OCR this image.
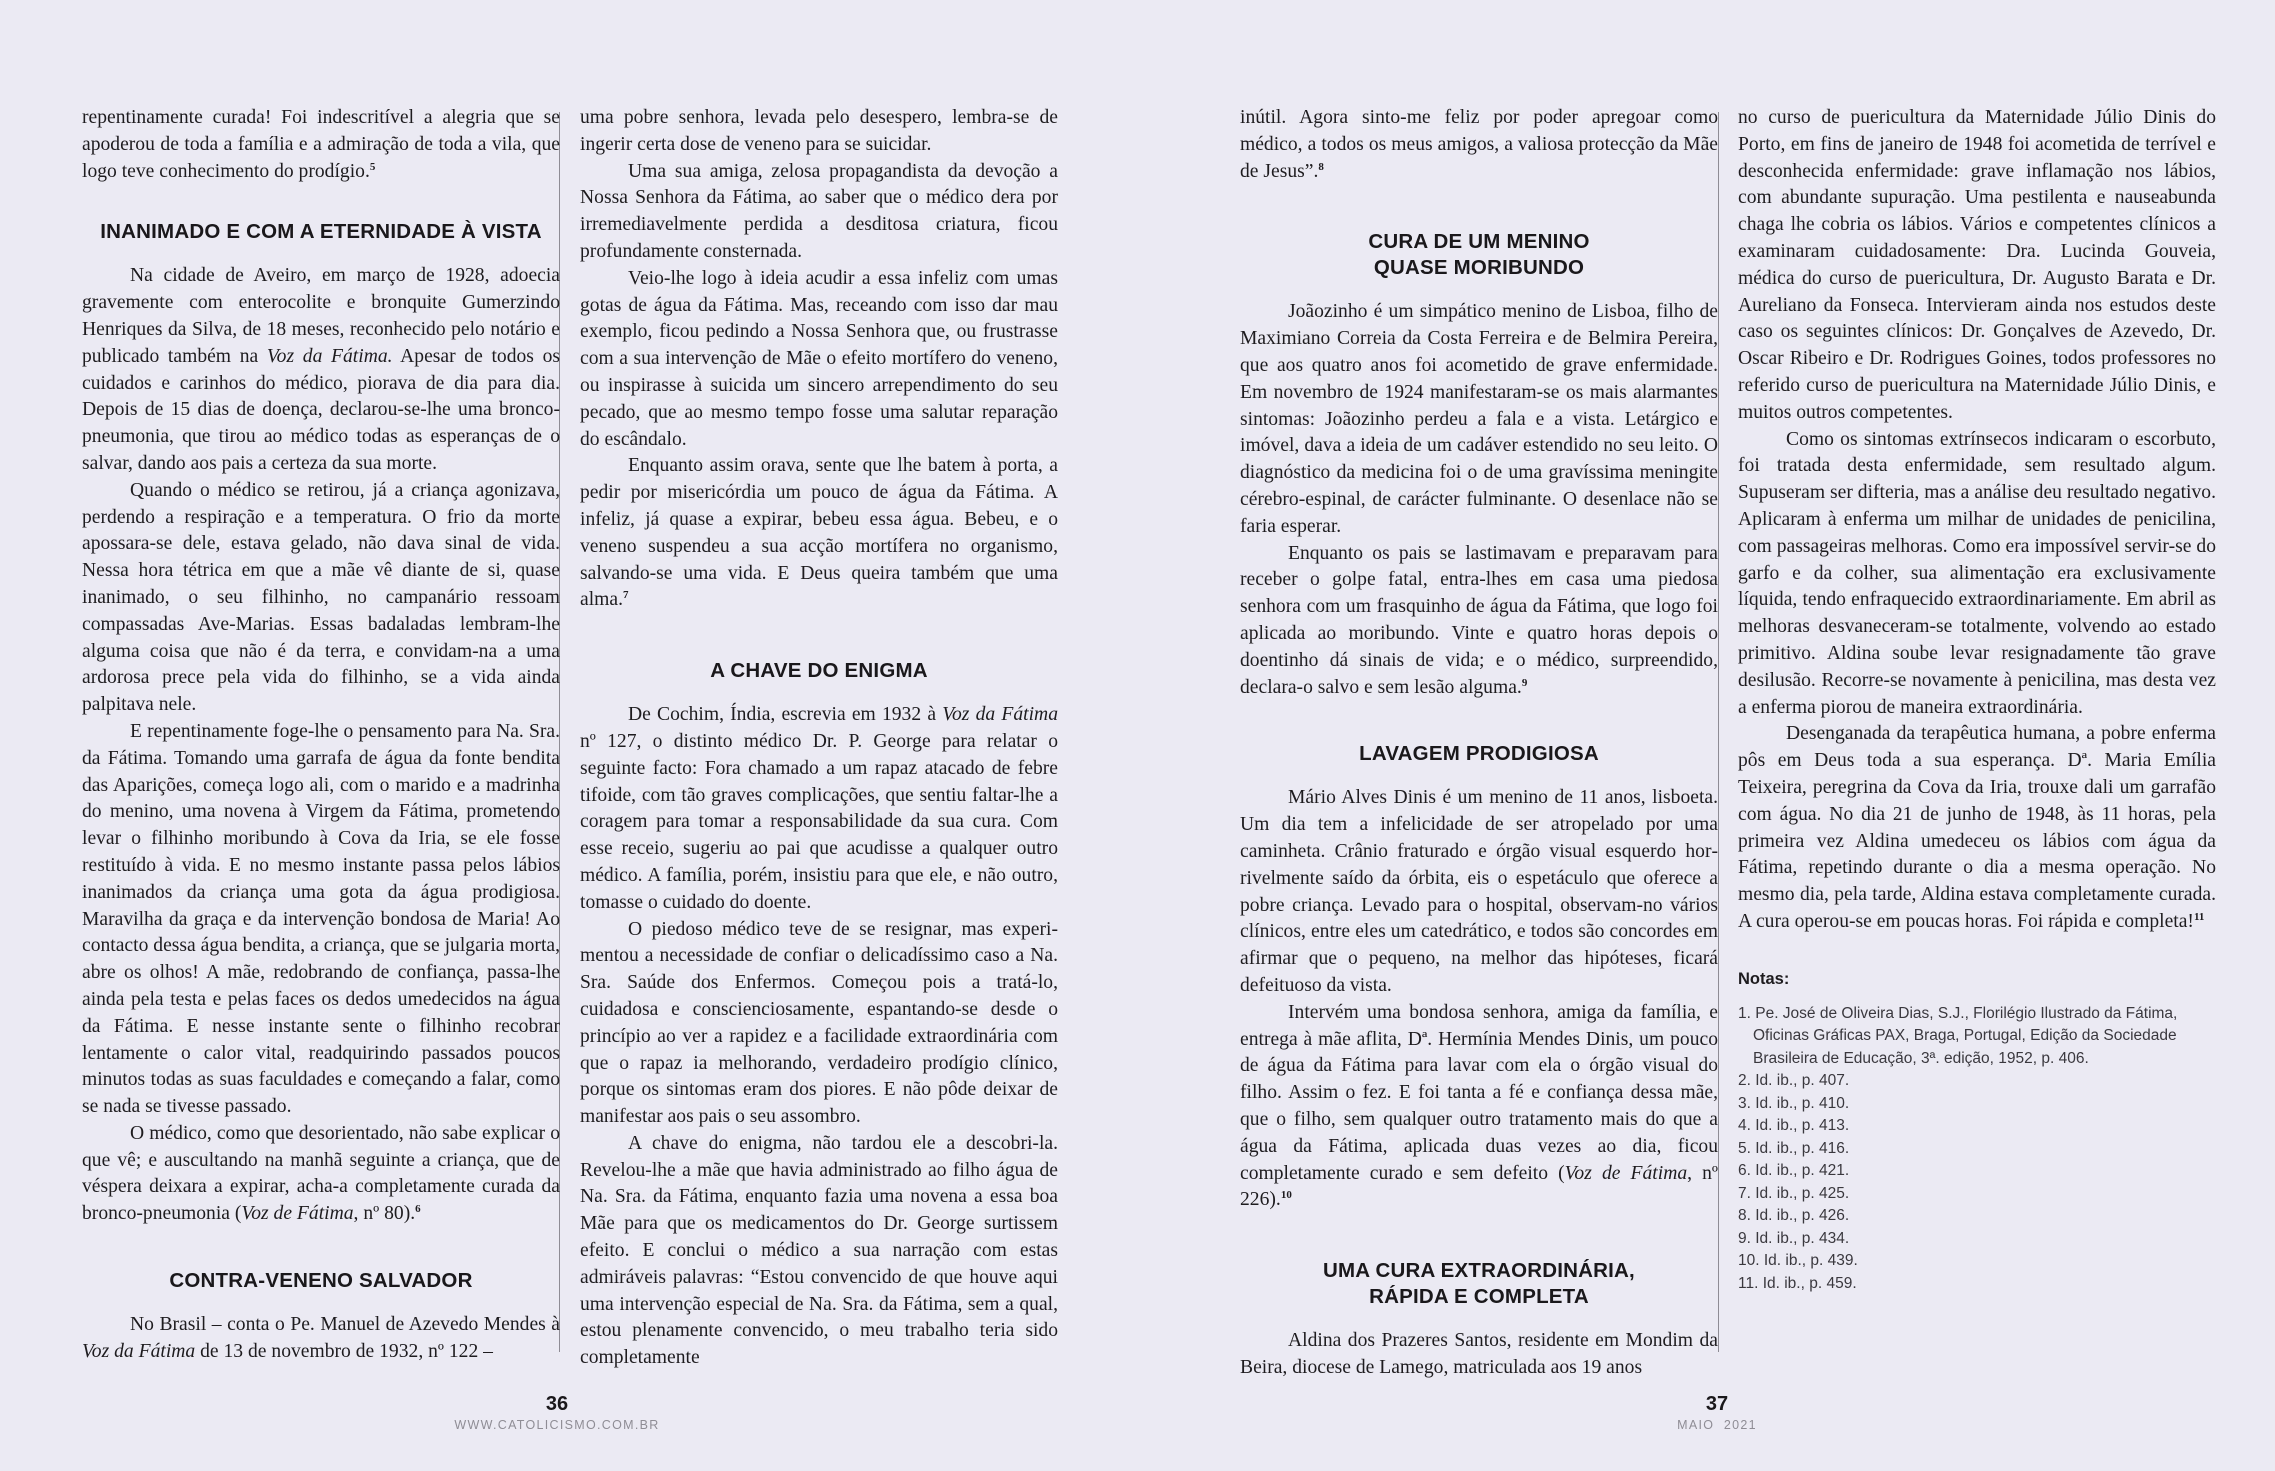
repentinamente curada! Foi indescritível a alegria que se apoderou de toda a família e a admiração de toda a vila, que logo teve conhecimento do prodígio.$^5$

INANIMADO E COM A ETERNIDADE À VISTA

Na cidade de Aveiro, em março de 1928, adoecia gravemente com enterocolite e bronquite Gumerzindo Henriques da Silva, de 18 meses, reconhecido pelo notário e publicado também na Voz da Fátima. Apesar de todos os cuidados e carinhos do médico, piorava de dia para dia. Depois de 15 dias de doença, declarou-se-lhe uma bronco-pneumonia, que tirou ao médico todas as esperanças de o salvar, dando aos pais a certeza da sua morte.

Quando o médico se retirou, já a criança agonizava, perdendo a respiração e a temperatura. O frio da morte apossara-se dele, estava gelado, não dava sinal de vida. Nessa hora tétrica em que a mãe vê diante de si, quase inanimado, o seu filhinho, no campanário ressoam compassadas Ave-Marias. Essas badaladas lembram-lhe alguma coisa que não é da terra, e convidam-na a uma ardorosa prece pela vida do filhinho, se a vida ainda palpitava nele.

E repentinamente foge-lhe o pensamento para Na. Sra. da Fátima. Tomando uma garrafa de água da fonte bendita das Aparições, começa logo ali, com o marido e a madrinha do menino, uma novena à Virgem da Fátima, prometendo levar o filhinho moribundo à Cova da Iria, se ele fosse restituído à vida. E no mesmo instante passa pelos lábios inanimados da criança uma gota da água prodigiosa. Maravilha da graça e da intervenção bondosa de Maria! Ao contacto dessa água bendita, a criança, que se julgaria morta, abre os olhos! A mãe, redobrando de confiança, passa-lhe ainda pela testa e pelas faces os dedos umedecidos na água da Fátima. E nesse instante sente o filhinho recobrar lentamente o calor vital, readquirindo passados poucos minutos todas as suas faculdades e começando a falar, como se nada se tivesse passado.

O médico, como que desorientado, não sabe explicar o que vê; e auscultando na manhã seguinte a criança, que de véspera deixara a expirar, acha-a completamente curada da bronco-pneumonia (Voz de Fátima, nº 80).$^6$

CONTRA-VENENO SALVADOR

No Brasil – conta o Pe. Manuel de Azevedo Mendes à Voz da Fátima de 13 de novembro de 1932, nº 122 –

uma pobre senhora, levada pelo desespero, lembra-se de ingerir certa dose de veneno para se suicidar.

Uma sua amiga, zelosa propagandista da devoção a Nossa Senhora da Fátima, ao saber que o médico dera por irremediavelmente perdida a desditosa criatura, ficou profundamente consternada.

Veio-lhe logo à ideia acudir a essa infeliz com umas gotas de água da Fátima. Mas, receando com isso dar mau exemplo, ficou pedindo a Nossa Senhora que, ou frustrasse com a sua intervenção de Mãe o efeito mortífero do veneno, ou inspirasse à suicida um sincero arrependimento do seu pecado, que ao mesmo tempo fosse uma salutar reparação do escândalo.

Enquanto assim orava, sente que lhe batem à porta, a pedir por misericórdia um pouco de água da Fátima. A infeliz, já quase a expirar, bebeu essa água. Bebeu, e o veneno suspendeu a sua acção mortífera no organismo, salvando-se uma vida. E Deus queira também que uma alma.$^7$

A CHAVE DO ENIGMA

De Cochim, Índia, escrevia em 1932 à Voz da Fátima nº 127, o distinto médico Dr. P. George para relatar o seguinte facto: Fora chamado a um rapaz atacado de febre tifoide, com tão graves complicações, que sentiu faltar-lhe a coragem para tomar a responsabilidade da sua cura. Com esse receio, sugeriu ao pai que acudisse a qualquer outro médico. A família, porém, insistiu para que ele, e não outro, tomasse o cuidado do doente.

O piedoso médico teve de se resignar, mas experimentou a necessidade de confiar o delicadíssimo caso a Na. Sra. Saúde dos Enfermos. Começou pois a tratá-lo, cuidadosa e conscienciosamente, espantando-se desde o princípio ao ver a rapidez e a facilidade extraordinária com que o rapaz ia melhorando, verdadeiro prodígio clínico, porque os sintomas eram dos piores. E não pôde deixar de manifestar aos pais o seu assombro.

A chave do enigma, não tardou ele a descobri-la. Revelou-lhe a mãe que havia administrado ao filho água de Na. Sra. da Fátima, enquanto fazia uma novena a essa boa Mãe para que os medicamentos do Dr. George surtissem efeito. E conclui o médico a sua narração com estas admiráveis palavras: “Estou convencido de que houve aqui uma intervenção especial de Na. Sra. da Fátima, sem a qual, estou plenamente convencido, o meu trabalho teria sido completamente

inútil. Agora sinto-me feliz por poder apregoar como médico, a todos os meus amigos, a valiosa protecção da Mãe de Jesus”.$^8$

CURA DE UM MENINO
QUASE MORIBUNDO

Joãozinho é um simpático menino de Lisboa, filho de Maximiano Correia da Costa Ferreira e de Belmira Pereira, que aos quatro anos foi acometido de grave enfermidade. Em novembro de 1924 manifestaram-se os mais alarmantes sintomas: Joãozinho perdeu a fala e a vista. Letárgico e imóvel, dava a ideia de um cadáver estendido no seu leito. O diagnóstico da medicina foi o de uma gravíssima meningite cérebro-espinal, de carácter fulminante. O desenlace não se faria esperar.

Enquanto os pais se lastimavam e preparavam para receber o golpe fatal, entra-lhes em casa uma piedosa senhora com um frasquinho de água da Fátima, que logo foi aplicada ao moribundo. Vinte e quatro horas depois o doentinho dá sinais de vida; e o médico, surpreendido, declara-o salvo e sem lesão alguma.$^9$

LAVAGEM PRODIGIOSA

Mário Alves Dinis é um menino de 11 anos, lisboeta. Um dia tem a infelicidade de ser atropelado por uma caminheta. Crânio fraturado e órgão visual esquerdo horrivelmente saído da órbita, eis o espetáculo que oferece a pobre criança. Levado para o hospital, observam-no vários clínicos, entre eles um catedrático, e todos são concordes em afirmar que o pequeno, na melhor das hipóteses, ficará defeituoso da vista.

Intervém uma bondosa senhora, amiga da família, e entrega à mãe aflita, Dª. Hermínia Mendes Dinis, um pouco de água da Fátima para lavar com ela o órgão visual do filho. Assim o fez. E foi tanta a fé e confiança dessa mãe, que o filho, sem qualquer outro tratamento mais do que a água da Fátima, aplicada duas vezes ao dia, ficou completamente curado e sem defeito (Voz de Fátima, nº 226).$^{10}$

UMA CURA EXTRAORDINÁRIA,
RÁPIDA E COMPLETA

Aldina dos Prazeres Santos, residente em Mondim da Beira, diocese de Lamego, matriculada aos 19 anos

no curso de puericultura da Maternidade Júlio Dinis do Porto, em fins de janeiro de 1948 foi acometida de terrível e desconhecida enfermidade: grave inflamação nos lábios, com abundante supuração. Uma pestilenta e nauseabunda chaga lhe cobria os lábios. Vários e competentes clínicos a examinaram cuidadosamente: Dra. Lucinda Gouveia, médica do curso de puericultura, Dr. Augusto Barata e Dr. Aureliano da Fonseca. Intervieram ainda nos estudos deste caso os seguintes clínicos: Dr. Gonçalves de Azevedo, Dr. Oscar Ribeiro e Dr. Rodrigues Goines, todos professores no referido curso de puericultura na Maternidade Júlio Dinis, e muitos outros competentes.

Como os sintomas extrínsecos indicaram o escorbuto, foi tratada desta enfermidade, sem resultado algum. Supuseram ser difteria, mas a análise deu resultado negativo. Aplicaram à enferma um milhar de unidades de penicilina, com passageiras melhoras. Como era impossível servir-se do garfo e da colher, sua alimentação era exclusivamente líquida, tendo enfraquecido extraordinariamente. Em abril as melhoras desvaneceram-se totalmente, volvendo ao estado primitivo. Aldina soube levar resignadamente tão grave desilusão. Recorre-se novamente à penicilina, mas desta vez a enferma piorou de maneira extraordinária.

Desenganada da terapêutica humana, a pobre enferma pôs em Deus toda a sua esperança. Dª. Maria Emília Teixeira, peregrina da Cova da Iria, trouxe dali um garrafão com água. No dia 21 de junho de 1948, às 11 horas, pela primeira vez Aldina umedeceu os lábios com água da Fátima, repetindo durante o dia a mesma operação. No mesmo dia, pela tarde, Aldina estava completamente curada. A cura operou-se em poucas horas. Foi rápida e completa!$^{11}$

Notas:

1. Pe. José de Oliveira Dias, S.J., Florilégio Ilustrado da Fátima, Oficinas Gráficas PAX, Braga, Portugal, Edição da Sociedade Brasileira de Educação, 3ª. edição, 1952, p. 406.

2. Id. ib., p. 407.

3. Id. ib., p. 410.

4. Id. ib., p. 413.

5. Id. ib., p. 416.

6. Id. ib., p. 421.

7. Id. ib., p. 425.

8. Id. ib., p. 426.

9. Id. ib., p. 434.

10. Id. ib., p. 439.

11. Id. ib., p. 459.

36
WWW.CATOLICISMO.COM.BR
37
MAIO  2021
